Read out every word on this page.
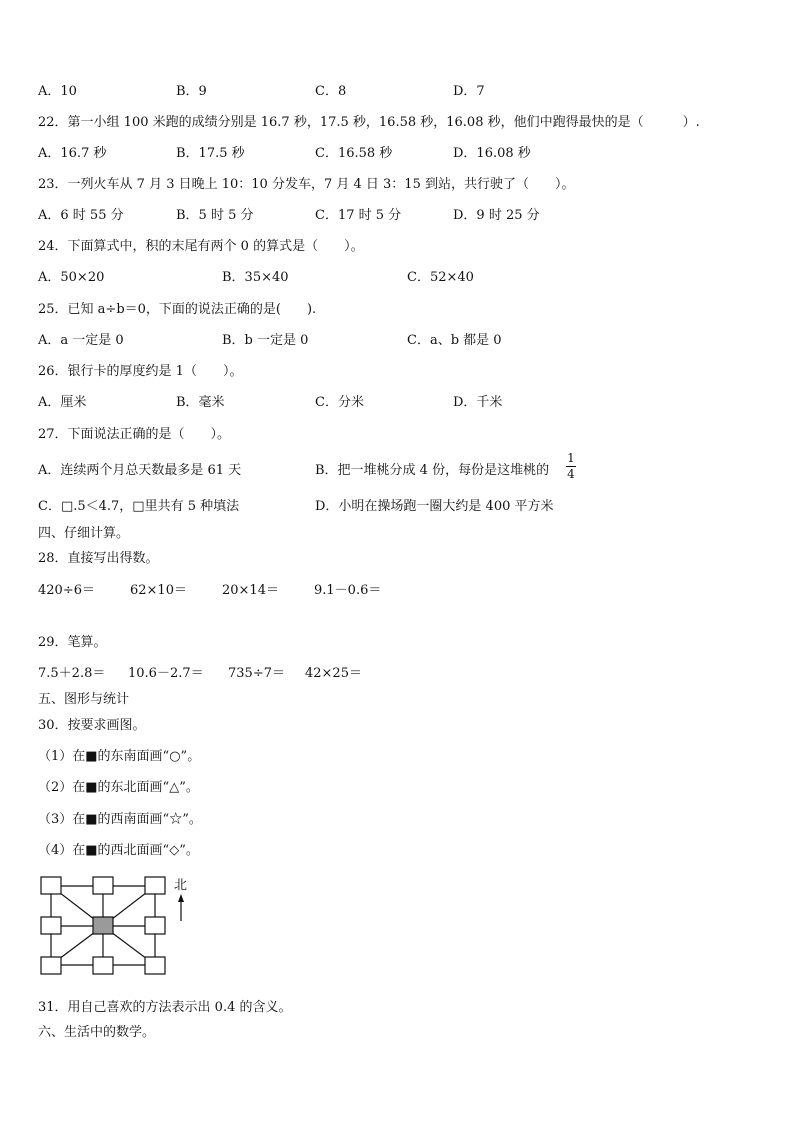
A．10	B．9	C．8	D．7
22．第一小组 100 米跑的成绩分别是 16.7 秒，17.5 秒，16.58 秒，16.08 秒，他们中跑得最快的是（　　　）.
A．16.7 秒	B．17.5 秒	C．16.58 秒	D．16.08 秒
23．一列火车从 7 月 3 日晚上 10：10 分发车，7 月 4 日 3：15 到站，共行驶了（　　）。
A．6 时 55 分	B．5 时 5 分	C．17 时 5 分	D．9 时 25 分
24．下面算式中，积的末尾有两个 0 的算式是（　　）。
A．50×20	B．35×40	C．52×40
25．已知 a÷b＝0，下面的说法正确的是(　　).
A．a 一定是 0	B．b 一定是 0	C．a、b 都是 0
26．银行卡的厚度约是 1（　　）。
A．厘米	B．毫米	C．分米	D．千米
27．下面说法正确的是（　　）。
A．连续两个月总天数最多是 61 天	B．把一堆桃分成 4 份，每份是这堆桃的
1
4
C．□.5＜4.7，□里共有 5 种填法	D．小明在操场跑一圈大约是 400 平方米
四、仔细计算。
28．直接写出得数。
420÷6＝	62×10＝	20×14＝	9.1－0.6＝
29．笔算。
7.5＋2.8＝ 10.6－2.7＝ 735÷7＝ 42×25＝
五、图形与统计
30．按要求画图。
（1）在■的东南面画“○”。
（2）在■的东北面画“△”。
（3）在■的西南面画“☆”。
（4）在■的西北面画“◇”。
北
31．用自己喜欢的方法表示出 0.4 的含义。
六、生活中的数学。
